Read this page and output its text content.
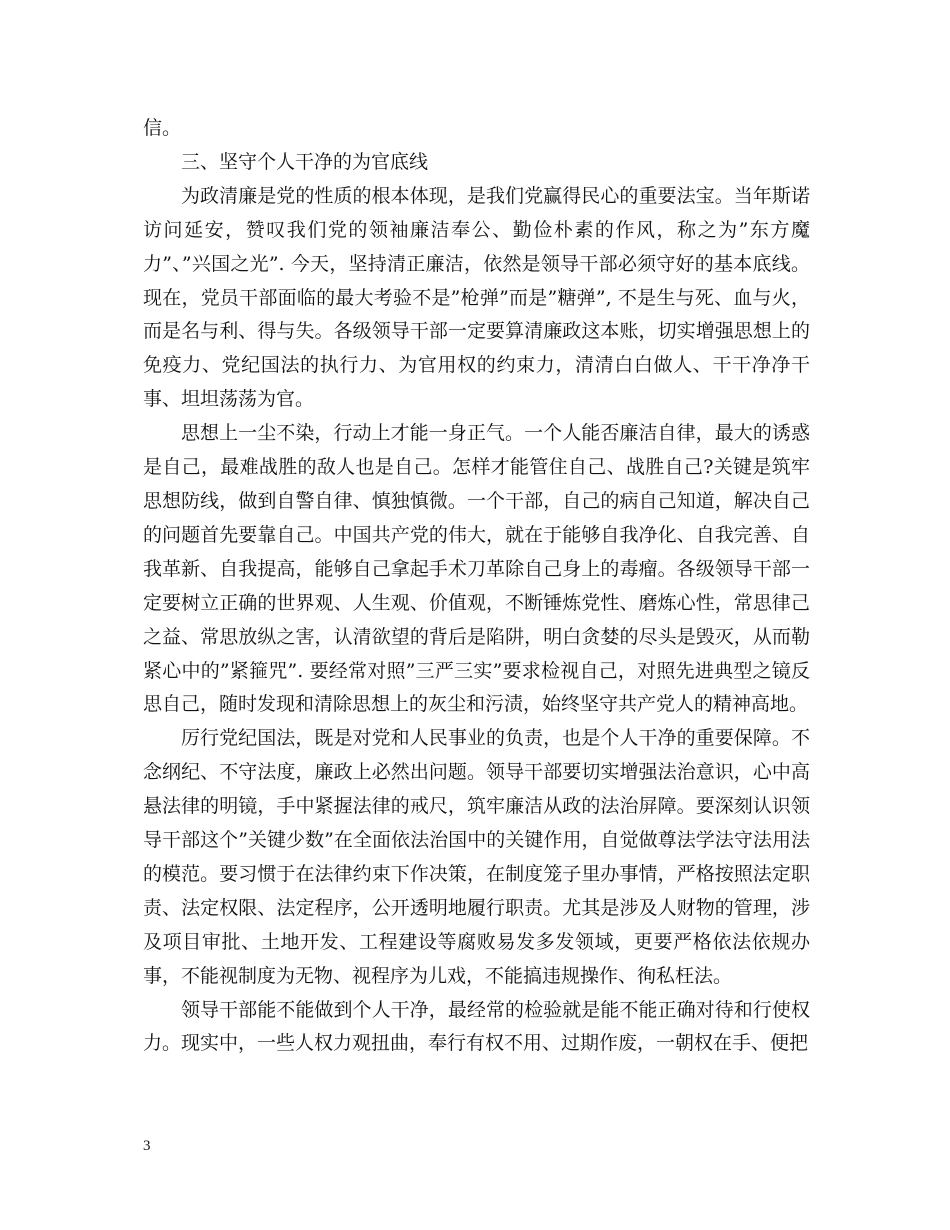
信。

三、坚守个人干净的为官底线

为政清廉是党的性质的根本体现，是我们党赢得民心的重要法宝。当年斯诺访问延安，赞叹我们党的领袖廉洁奉公、勤俭朴素的作风，称之为”东方魔力”、”兴国之光”. 今天，坚持清正廉洁，依然是领导干部必须守好的基本底线。现在，党员干部面临的最大考验不是”枪弹”而是”糖弹”, 不是生与死、血与火，而是名与利、得与失。各级领导干部一定要算清廉政这本账，切实增强思想上的免疫力、党纪国法的执行力、为官用权的约束力，清清白白做人、干干净净干事、坦坦荡荡为官。

思想上一尘不染，行动上才能一身正气。一个人能否廉洁自律，最大的诱惑是自己，最难战胜的敌人也是自己。怎样才能管住自己、战胜自己?关键是筑牢思想防线，做到自警自律、慎独慎微。一个干部，自己的病自己知道，解决自己的问题首先要靠自己。中国共产党的伟大，就在于能够自我净化、自我完善、自我革新、自我提高，能够自己拿起手术刀革除自己身上的毒瘤。各级领导干部一定要树立正确的世界观、人生观、价值观，不断锤炼党性、磨炼心性，常思律己之益、常思放纵之害，认清欲望的背后是陷阱，明白贪婪的尽头是毁灭，从而勒紧心中的”紧箍咒”. 要经常对照”三严三实”要求检视自己，对照先进典型之镜反思自己，随时发现和清除思想上的灰尘和污渍，始终坚守共产党人的精神高地。

厉行党纪国法，既是对党和人民事业的负责，也是个人干净的重要保障。不念纲纪、不守法度，廉政上必然出问题。领导干部要切实增强法治意识，心中高悬法律的明镜，手中紧握法律的戒尺，筑牢廉洁从政的法治屏障。要深刻认识领导干部这个”关键少数”在全面依法治国中的关键作用，自觉做尊法学法守法用法的模范。要习惯于在法律约束下作决策，在制度笼子里办事情，严格按照法定职责、法定权限、法定程序，公开透明地履行职责。尤其是涉及人财物的管理，涉及项目审批、土地开发、工程建设等腐败易发多发领域，更要严格依法依规办事，不能视制度为无物、视程序为儿戏，不能搞违规操作、徇私枉法。

领导干部能不能做到个人干净，最经常的检验就是能不能正确对待和行使权力。现实中，一些人权力观扭曲，奉行有权不用、过期作废，一朝权在手、便把

3
